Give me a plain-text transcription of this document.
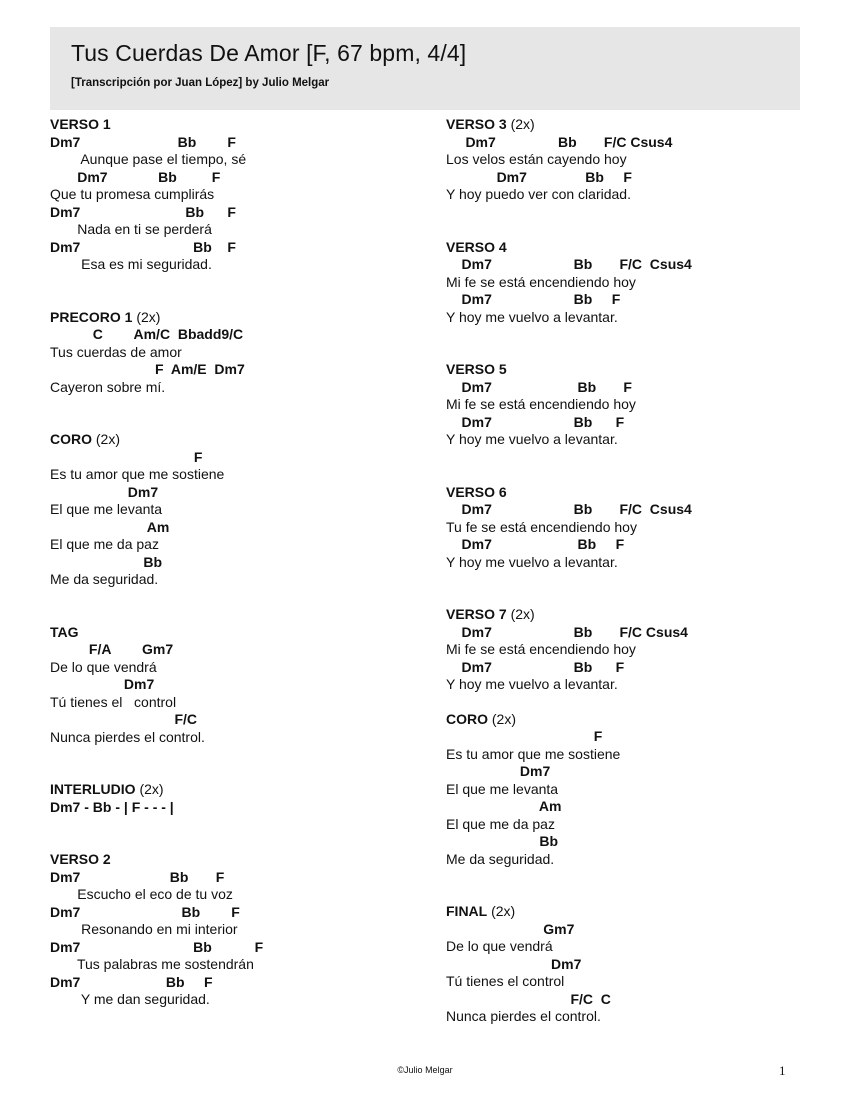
Tus Cuerdas De Amor [F, 67 bpm, 4/4]
[Transcripción por Juan López] by Julio Melgar
VERSO 1
Dm7                         Bb        F
Aunque pase el tiempo, sé
Dm7             Bb         F
Que tu promesa cumplirás
Dm7                           Bb      F
Nada en ti se perderá
Dm7                             Bb    F
Esa es mi seguridad.
PRECORO 1 (2x)
C        Am/C  Bbadd9/C
Tus cuerdas de amor
F  Am/E  Dm7
Cayeron sobre mí.
CORO (2x)
F
Es tu amor que me sostiene
Dm7
El que me levanta
Am
El que me da paz
Bb
Me da seguridad.
TAG
F/A        Gm7
De lo que vendrá
Dm7
Tú tienes el   control
F/C
Nunca pierdes el control.
INTERLUDIO (2x)
Dm7 - Bb - | F - - - |
VERSO 2
Dm7                       Bb       F
Escucho el eco de tu voz
Dm7                          Bb        F
Resonando en mi interior
Dm7                             Bb           F
Tus palabras me sostendrán
Dm7                      Bb     F
Y me dan seguridad.
VERSO 3 (2x)
Dm7                Bb       F/C Csus4
Los velos están cayendo hoy
Dm7               Bb     F
Y hoy puedo ver con claridad.
VERSO 4
Dm7                     Bb       F/C  Csus4
Mi fe se está encendiendo hoy
Dm7                     Bb     F
Y hoy me vuelvo a levantar.
VERSO 5
Dm7                      Bb       F
Mi fe se está encendiendo hoy
Dm7                     Bb      F
Y hoy me vuelvo a levantar.
VERSO 6
Dm7                     Bb       F/C  Csus4
Tu fe se está encendiendo hoy
Dm7                      Bb     F
Y hoy me vuelvo a levantar.
VERSO 7 (2x)
Dm7                     Bb       F/C Csus4
Mi fe se está encendiendo hoy
Dm7                     Bb      F
Y hoy me vuelvo a levantar.
CORO (2x)
F
Es tu amor que me sostiene
Dm7
El que me levanta
Am
El que me da paz
Bb
Me da seguridad.
FINAL (2x)
Gm7
De lo que vendrá
Dm7
Tú tienes el control
F/C  C
Nunca pierdes el control.
©Julio Melgar	1
